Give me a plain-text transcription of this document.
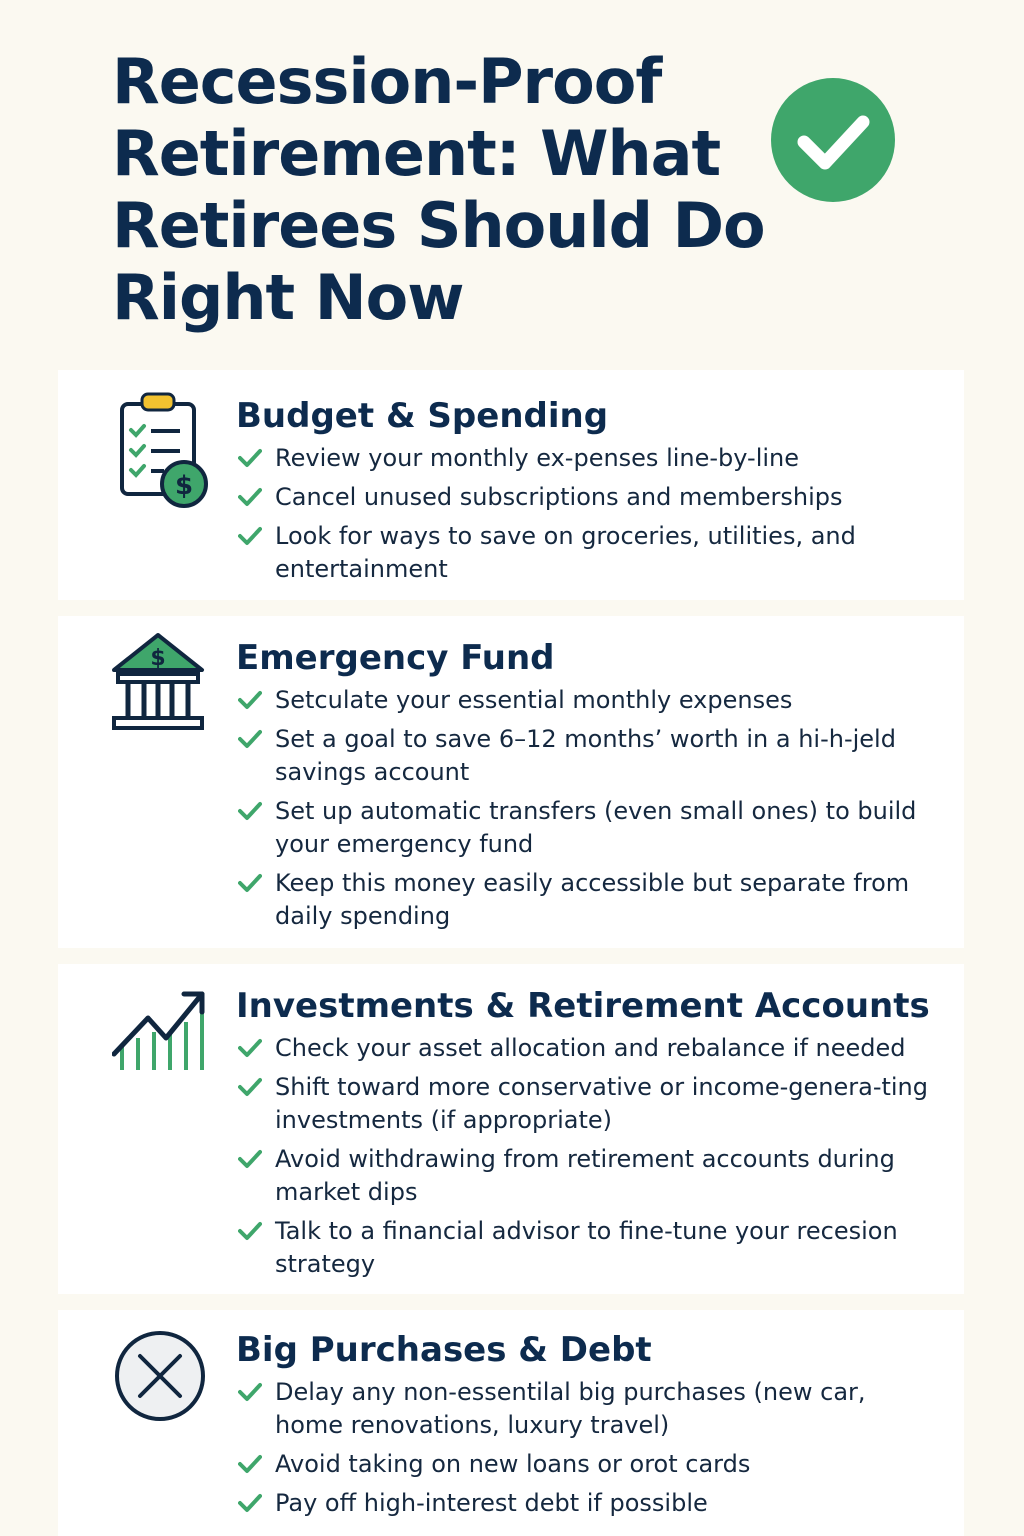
Recession-Proof Retirement: What Retirees Should Do Right Now
$
Budget & Spending
Review your monthly ex-penses line-by-line
Cancel unused subscriptions and memberships
Look for ways to save on groceries, utilities, and entertainment
$ Emergency Fund
Setculate your essential monthly expenses
Set a goal to save 6–12 months’ worth in a hi-h-jeld savings account
Set up automatic transfers (even small ones) to build your emergency fund
Keep this money easily accessible but separate from daily spending
Investments & Retirement Accounts
Check your asset allocation and rebalance if needed
Shift toward more conservative or income-genera-ting investments (if appropriate)
Avoid withdrawing from retirement accounts during market dips
Talk to a financial advisor to fine-tune your recesion strategy
Big Purchases & Debt
Delay any non-essentilal big purchases (new car, home renovations, luxury travel)
Avoid taking on new loans or orot cards
Pay off high-interest debt if possible
